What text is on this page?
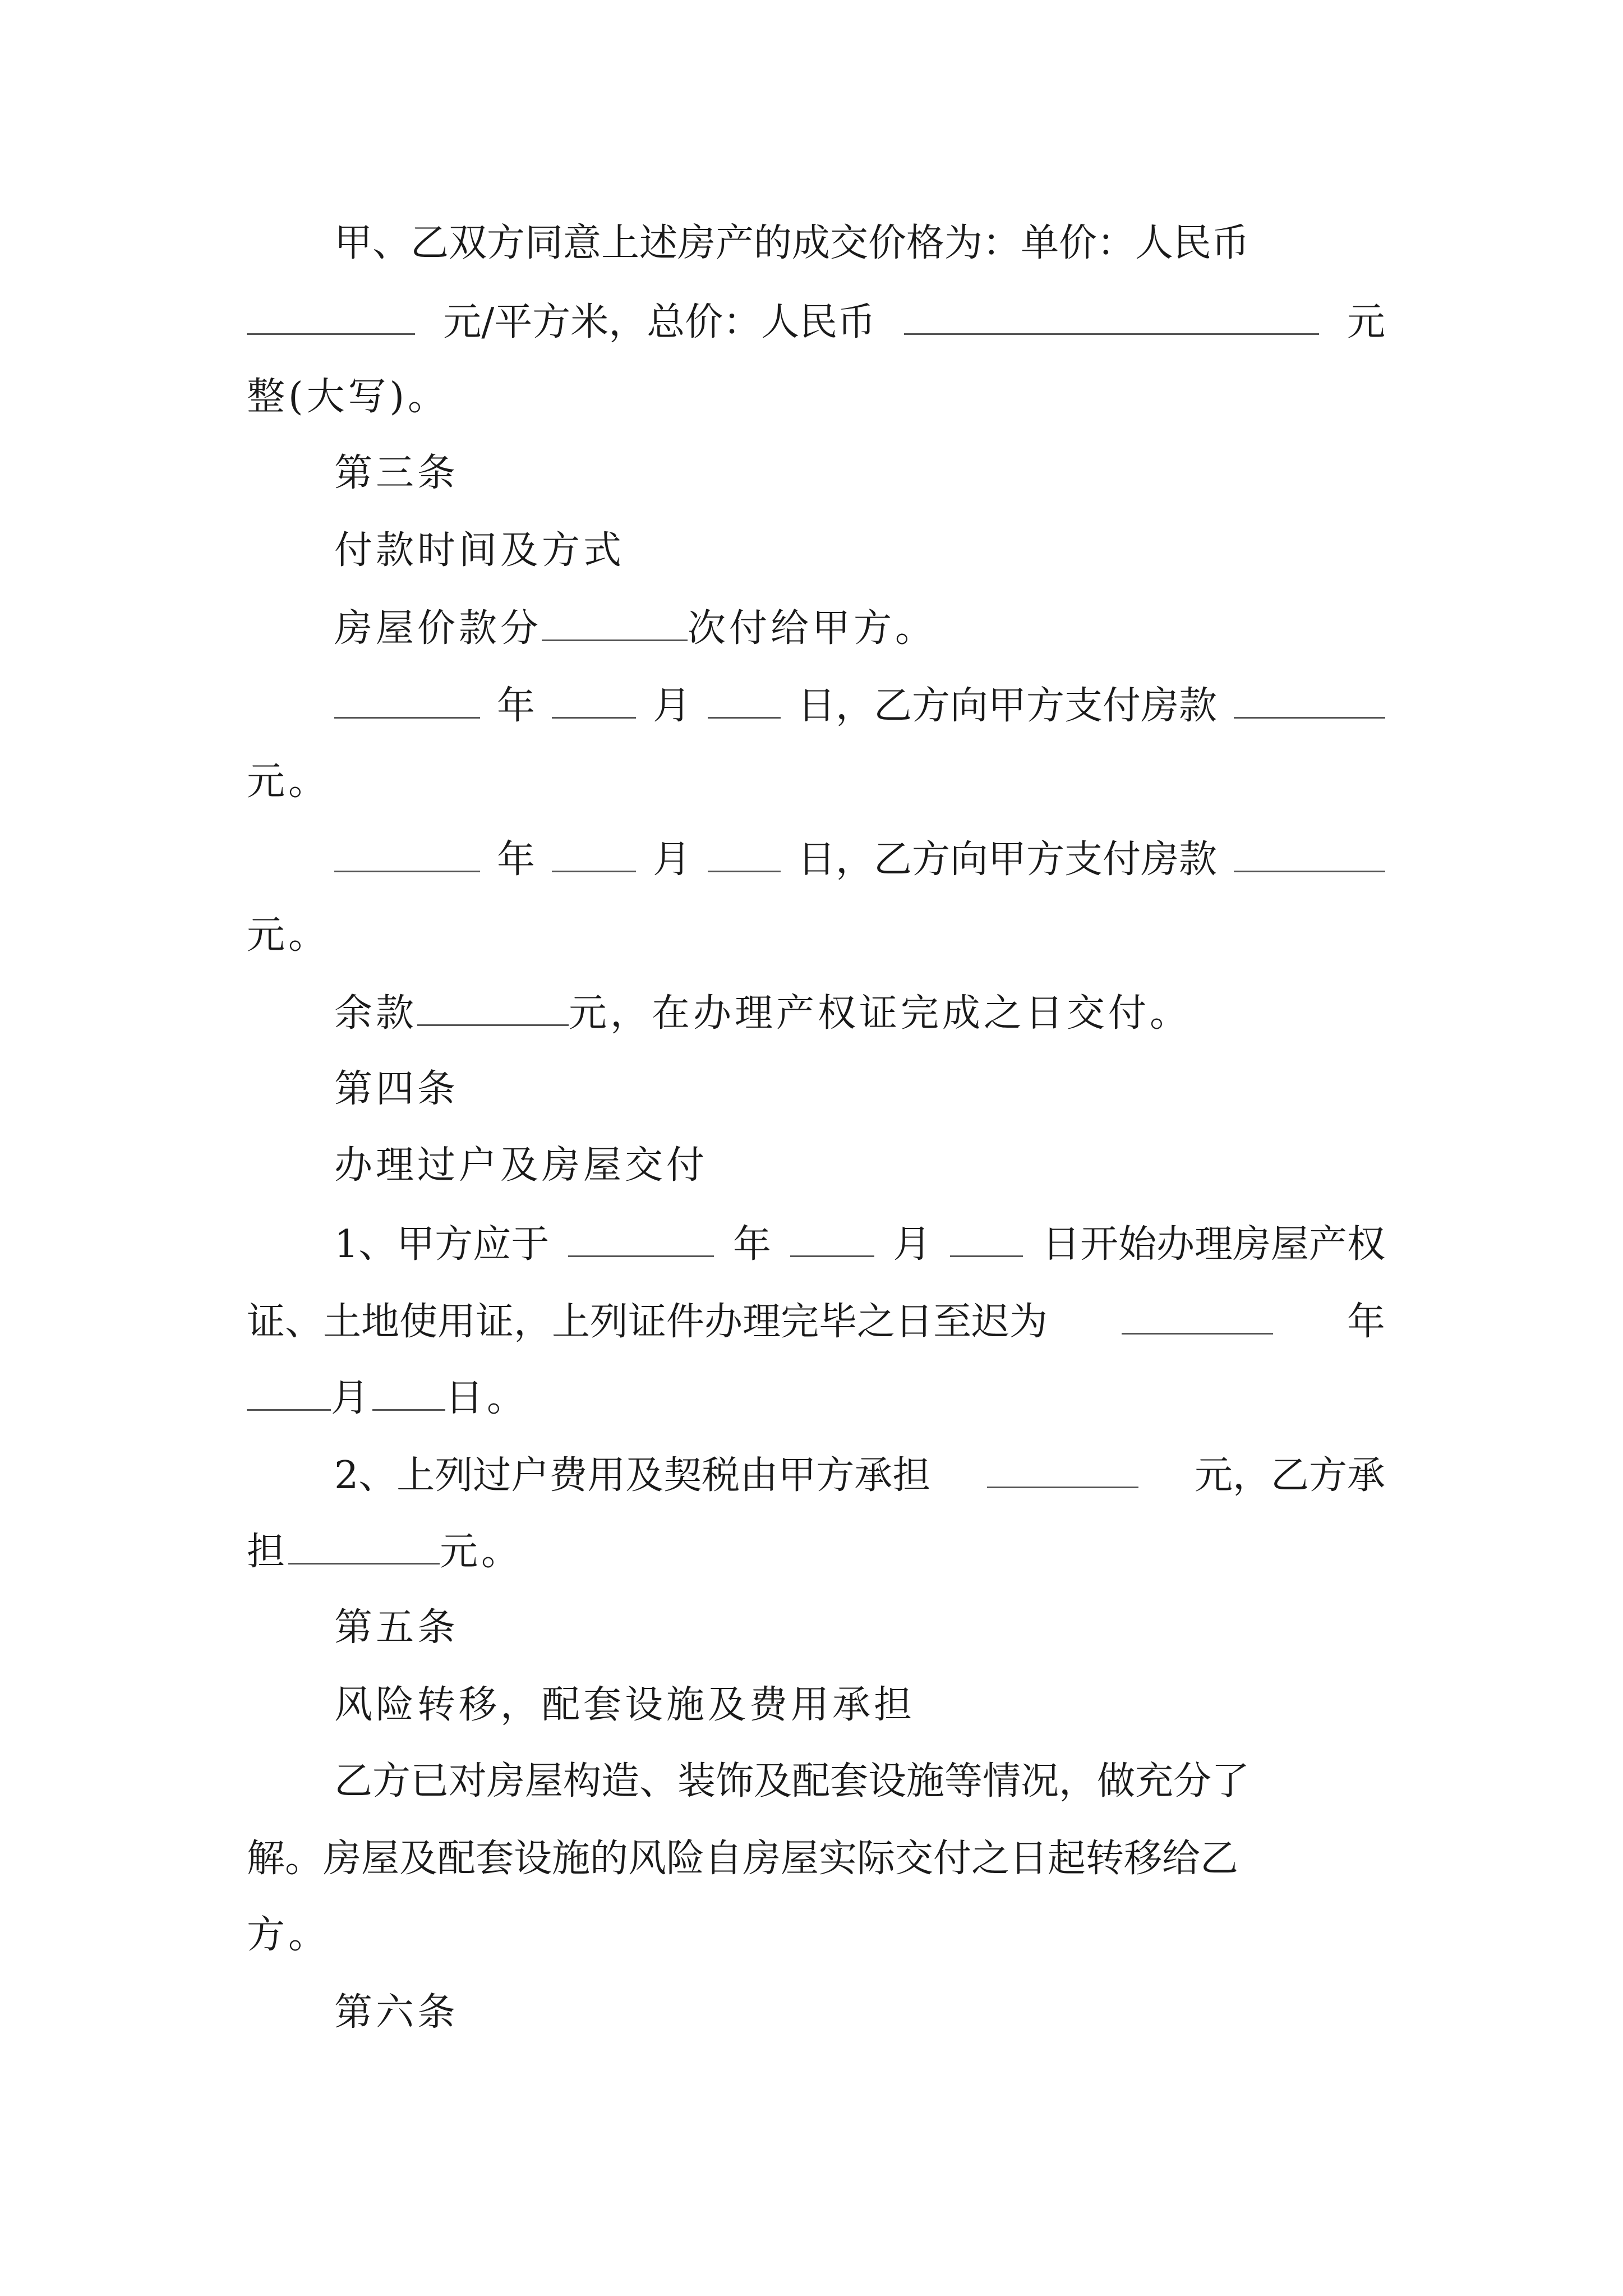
甲、乙双方同意上述房产的成交价格为：单价：人民币
元/平方米，总价：人民币	元
整(大写)。
第三条
付款时间及方式
房屋价款分	次付给甲方。
年	月	日，乙方向甲方支付房款
元。
年	月	日，乙方向甲方支付房款
元。
余款	元，在办理产权证完成之日交付。
第四条
办理过户及房屋交付
1、甲方应于	年	月	日开始办理房屋产权
证、土地使用证，上列证件办理完毕之日至迟为	年
月 日。
2、上列过户费用及契税由甲方承担	元，乙方承
担	元。
第五条
风险转移，配套设施及费用承担
乙方已对房屋构造、装饰及配套设施等情况，做充分了
解。房屋及配套设施的风险自房屋实际交付之日起转移给乙
方。
第六条
